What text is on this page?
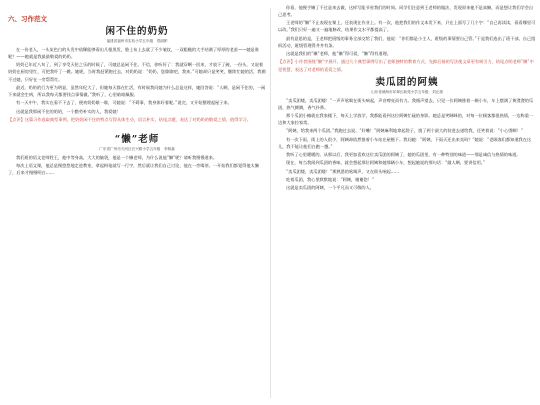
六、习作范文
闲不住的奶奶
福建省福州市实验小学五年级　郑丽彬

在一份老人，一头灰色白的头发中依稀能够看出几根黑发，脸上布上去就了不少皱纹，一双粗糙的大手结满了厚厚的老茧——她是谁呢？——她就是我最最敬爱的奶奶。

奶奶已年近八旬了，到了享受天伦之乐的时候了，可她总是闲不住。不信，你听好了：我就穿啊一回来，才放下了碗，一份头，又说着奶奶在厨房里忙，可把我吓了一跳。她呢，当时我赶紧跑过去，对奶奶说：“奶奶，您歇歇吧，我来。”可她却只是笑笑，继续忙她的活，我拗不过她，只好在一旁帮帮忙。

最近，奶奶的行为更为明显，虽然年纪大了，但她每天都在忙活，有时候我问她为什么总是这样，她回答说：“人啊，是闲不住的，一闲下来就会生病，所以我每天都要找点事情做。”我听了，心里暗暗佩服。

有一天中午，我实在看不下去了，便劝奶奶歇一歇，可她说：“不碍事，我身体好着呢。”说完，又开始整理起屋子来。

这就是我那闲不住的奶奶，一个勤劳朴实的人，我爱她！

【点评】这篇习作选取典型事例，把奶奶闲不住的特点写得具体生动，语言朴实，结尾点题，表达了对奶奶的敬爱之情，值得学习。
“懒”老师
广东省广州市天河区长兴路小学五年级　李林嘉

我们班的语文老师姓王，他中等身高，大大的脑袋，他是一个懒老师，为什么说他“懒”呢？请听我慢慢道来。

每次上语文课，他总是慢悠悠地走进教室，拿起粉笔就写一行字，然后就让我们自己讨论，他在一旁喝茶。一开始我们都觉得他太懒了，后来才慢慢明白……

你看，他慢手懒了不过是来去做，这样写能节省我们的时间。同学们注意到王老师的做法，发现原来他不是真懒，而是想让我们学会自己思考。

王老师的“懒”不止表现在课上，还表现在作业上。有一次，他把我们的作文本发下来，只在上面写了几个字：“自己再读读，看看哪里可以改。”我们只好一遍又一遍地修改，结果作文水平都提高了。

最有意思的是，王老师把班级的事务全部交给了我们，他说：“你们都是小主人，班级的事情要自己管。”于是我们选出了班干部，自己组织活动，班级管理得井井有条。

这就是我们的“懒”老师，他“懒”得可爱，“懒”得有道理。

【点评】小作者围绕“懒”字展开，通过几个典型事例写出了老师独特的教育方式。先抑后扬的写法使文章更有吸引力，结尾点明老师“懒”中见智慧，表达了对老师的喜爱之情。
卖瓜团的阿姨
山东省威海市环翠区新苑小学五年级　刘正源

“卖瓜团喽，卖瓜团喽！”一声声吆喝在街头响起，声音嘹亮而有力。我循声望去，只见一位阿姨推着一辆小车，车上摆满了黄澄澄的瓜团，热气腾腾，香气扑鼻。

那个瓜团小摊就在我家楼下，每天上学放学，我都能看到这位阿姨忙碌的身影。她总是笑眯眯的，对每一位顾客都很热情，一边称重一边和大家拉家常。

“阿姨，给我来两个瓜团。”我跑过去说。“好嘞！”阿姨麻利地拿起袋子，挑了两个最大的装进去递给我，还笑着说：“小心烫啊！”

有一次下雨，街上的人很少，阿姨却依然推着小车站在屋檐下。我问她：“阿姨，下雨天还出来卖吗？”她说：“老顾客们都知道我在这儿，我不能让他们白跑一趟。”

我听了心里暖暖的。从那以后，我更加喜欢这位卖瓜团的阿姨了，她的瓜团里，有一种特别的味道——那是诚信与热情的味道。

现在，每当我闻到瓜团的香味，就会想起那位阿姨和她那辆小车，想起她说的那句话：“做人啊，要讲信用。”

“卖瓜团喽，卖瓜团喽！”那熟悉的吆喝声，又在街头响起……

吃着瓜团，我心里默默地说：“阿姨，谢谢您！”

这就是卖瓜团的阿姨，一个平凡而又可敬的人。
